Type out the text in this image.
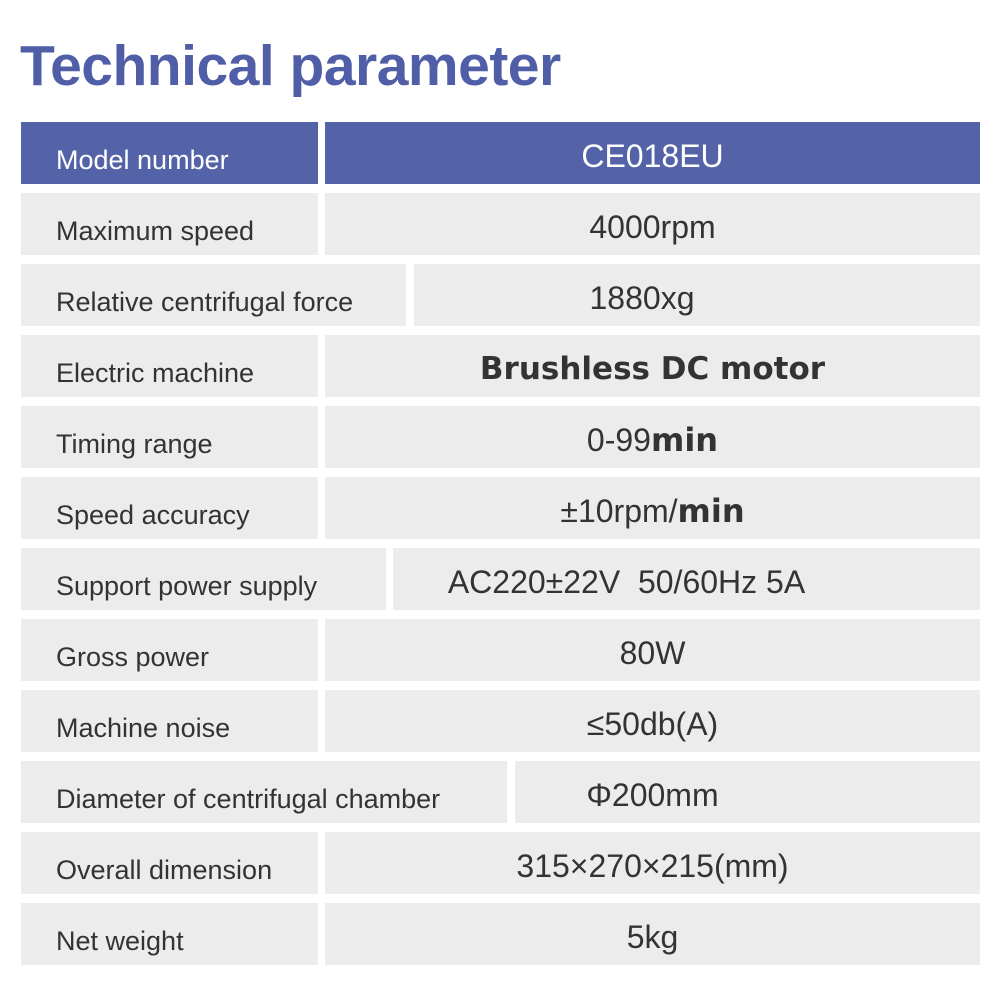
Technical parameter
Model number	CE018EU
Maximum speed	4000rpm
Relative centrifugal force	1880xg
Electric machine	Brushless DC motor
Timing range	0-99 min
Speed accuracy	±10rpm/ min
Support power supply	AC220±22V  50/60Hz 5A
Gross power	80W
Machine noise	≤50db(A)
Diameter of centrifugal chamber	Φ200mm
Overall dimension	315×270×215(mm)
Net weight	5kg
